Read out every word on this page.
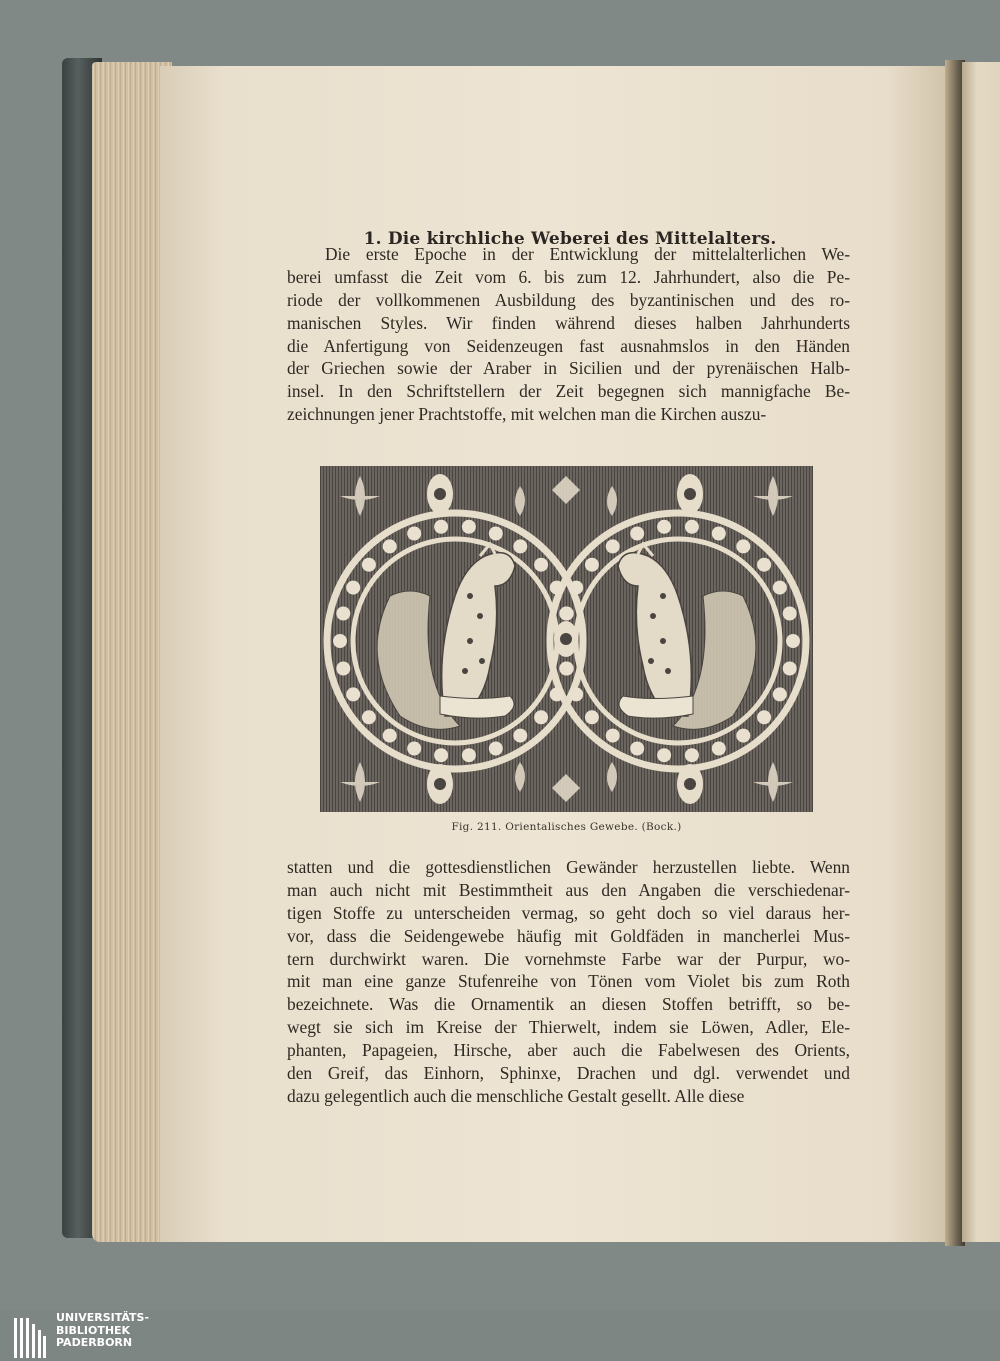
1. Die kirchliche Weberei des Mittelalters.
Die erste Epoche in der Entwicklung der mittelalterlichen We-
berei umfasst die Zeit vom 6. bis zum 12. Jahrhundert, also die Pe-
riode der vollkommenen Ausbildung des byzantinischen und des ro-
manischen Styles. Wir finden während dieses halben Jahrhunderts
die Anfertigung von Seidenzeugen fast ausnahmslos in den Händen
der Griechen sowie der Araber in Sicilien und der pyrenäischen Halb-
insel. In den Schriftstellern der Zeit begegnen sich mannigfache Be-
zeichnungen jener Prachtstoffe, mit welchen man die Kirchen auszu-
Fig. 211. Orientalisches Gewebe. (Bock.)
statten und die gottesdienstlichen Gewänder herzustellen liebte. Wenn
man auch nicht mit Bestimmtheit aus den Angaben die verschiedenar-
tigen Stoffe zu unterscheiden vermag, so geht doch so viel daraus her-
vor, dass die Seidengewebe häufig mit Goldfäden in mancherlei Mus-
tern durchwirkt waren. Die vornehmste Farbe war der Purpur, wo-
mit man eine ganze Stufenreihe von Tönen vom Violet bis zum Roth
bezeichnete. Was die Ornamentik an diesen Stoffen betrifft, so be-
wegt sie sich im Kreise der Thierwelt, indem sie Löwen, Adler, Ele-
phanten, Papageien, Hirsche, aber auch die Fabelwesen des Orients,
den Greif, das Einhorn, Sphinxe, Drachen und dgl. verwendet und
dazu gelegentlich auch die menschliche Gestalt gesellt. Alle diese
UNIVERSITÄTS-
BIBLIOTHEK
PADERBORN
